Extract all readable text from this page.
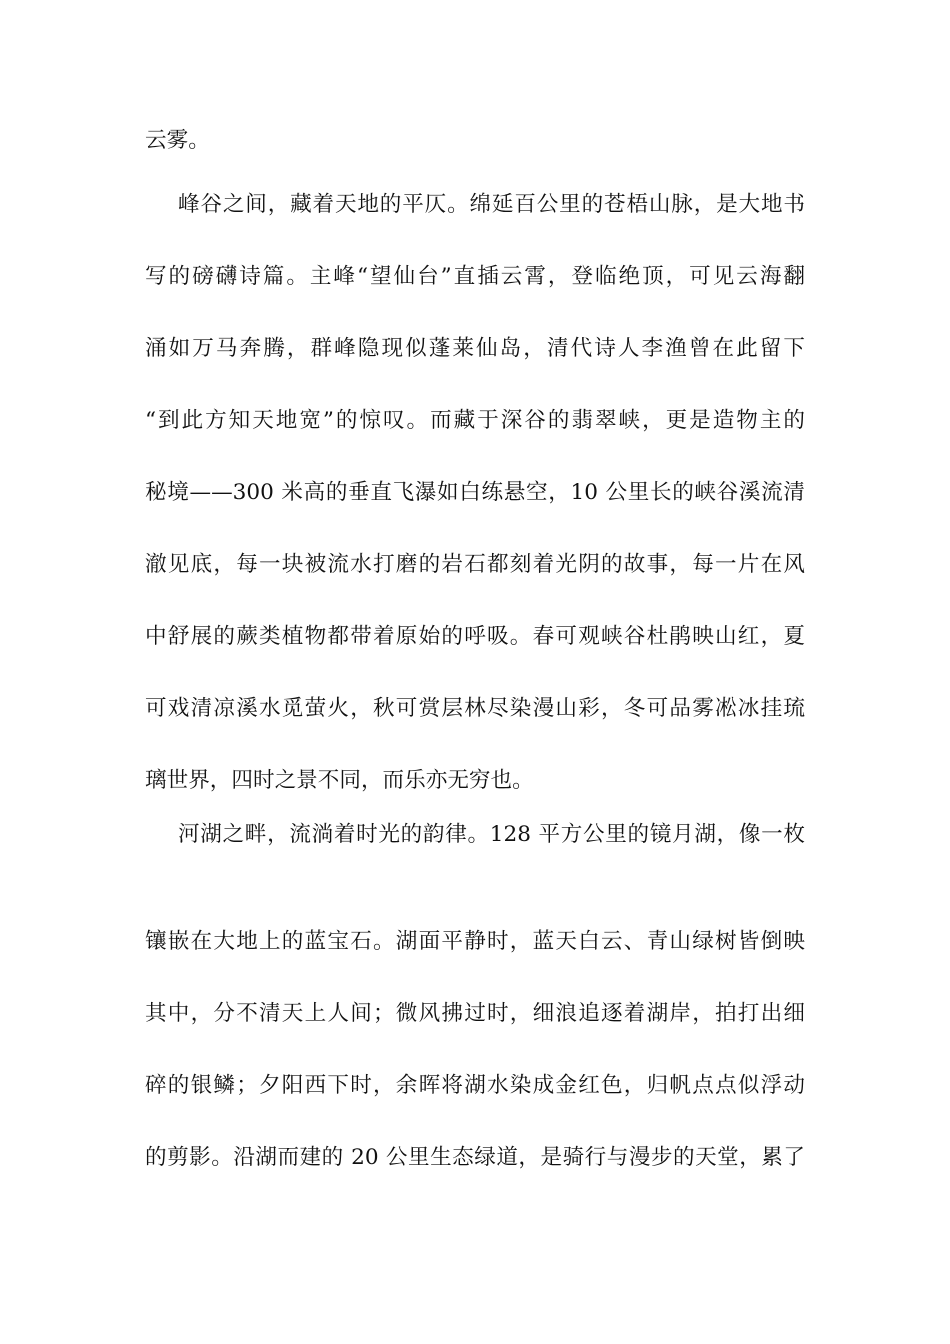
云雾。
峰谷之间，藏着天地的平仄。绵延百公里的苍梧山脉，是大地书
写的磅礴诗篇。主峰“望仙台”直插云霄，登临绝顶，可见云海翻
涌如万马奔腾，群峰隐现似蓬莱仙岛，清代诗人李渔曾在此留下
“到此方知天地宽”的惊叹。而藏于深谷的翡翠峡，更是造物主的
秘境——300 米高的垂直飞瀑如白练悬空，10 公里长的峡谷溪流清
澈见底，每一块被流水打磨的岩石都刻着光阴的故事，每一片在风
中舒展的蕨类植物都带着原始的呼吸。春可观峡谷杜鹃映山红，夏
可戏清凉溪水觅萤火，秋可赏层林尽染漫山彩，冬可品雾凇冰挂琉
璃世界，四时之景不同，而乐亦无穷也。
河湖之畔，流淌着时光的韵律。128 平方公里的镜月湖，像一枚
镶嵌在大地上的蓝宝石。湖面平静时，蓝天白云、青山绿树皆倒映
其中，分不清天上人间；微风拂过时，细浪追逐着湖岸，拍打出细
碎的银鳞；夕阳西下时，余晖将湖水染成金红色，归帆点点似浮动
的剪影。沿湖而建的 20 公里生态绿道，是骑行与漫步的天堂，累了
